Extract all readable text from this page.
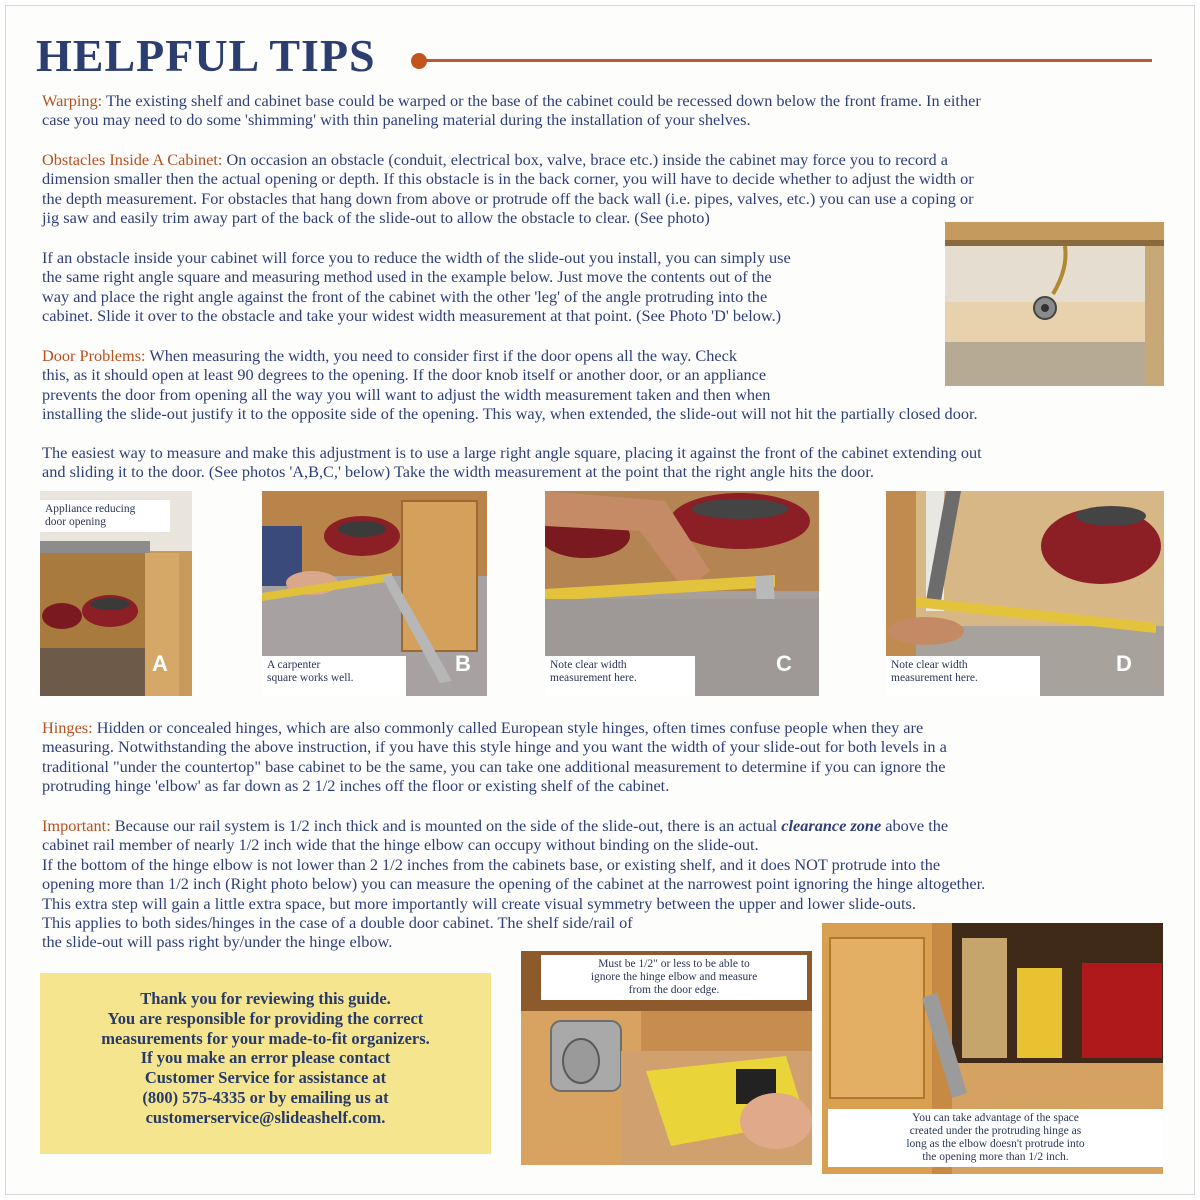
HELPFUL TIPS

Warping: The existing shelf and cabinet base could be warped or the base of the cabinet could be recessed down below the front frame. In either
case you may need to do some 'shimming' with thin paneling material during the installation of your shelves.

Obstacles Inside A Cabinet: On occasion an obstacle (conduit, electrical box, valve, brace etc.) inside the cabinet may force you to record a
dimension smaller then the actual opening or depth. If this obstacle is in the back corner, you will have to decide whether to adjust the width or
the depth measurement. For obstacles that hang down from above or protrude off the back wall (i.e. pipes, valves, etc.) you can use a coping or
jig saw and easily trim away part of the back of the slide-out to allow the obstacle to clear. (See photo)

If an obstacle inside your cabinet will force you to reduce the width of the slide-out you install, you can simply use
the same right angle square and measuring method used in the example below. Just move the contents out of the
way and place the right angle against the front of the cabinet with the other 'leg' of the angle protruding into the
cabinet. Slide it over to the obstacle and take your widest width measurement at that point. (See Photo 'D' below.)

Door Problems: When measuring the width, you need to consider first if the door opens all the way. Check
this, as it should open at least 90 degrees to the opening. If the door knob itself or another door, or an appliance
prevents the door from opening all the way you will want to adjust the width measurement taken and then when
installing the slide-out justify it to the opposite side of the opening. This way, when extended, the slide-out will not hit the partially closed door.

The easiest way to measure and make this adjustment is to use a large right angle square, placing it against the front of the cabinet extending out
and sliding it to the door. (See photos 'A,B,C,' below) Take the width measurement at the point that the right angle hits the door.

A
Appliance reducing
door opening
B
A carpenter
square works well.
C
Note clear width
measurement here.
D
Note clear width
measurement here.

Hinges: Hidden or concealed hinges, which are also commonly called European style hinges, often times confuse people when they are
measuring. Notwithstanding the above instruction, if you have this style hinge and you want the width of your slide-out for both levels in a
traditional "under the countertop" base cabinet to be the same, you can take one additional measurement to determine if you can ignore the
protruding hinge 'elbow' as far down as 2 1/2 inches off the floor or existing shelf of the cabinet.

Important: Because our rail system is 1/2 inch thick and is mounted on the side of the slide-out, there is an actual clearance zone above the
cabinet rail member of nearly 1/2 inch wide that the hinge elbow can occupy without binding on the slide-out.
If the bottom of the hinge elbow is not lower than 2 1/2 inches from the cabinets base, or existing shelf, and it does NOT protrude into the
opening more than 1/2 inch (Right photo below) you can measure the opening of the cabinet at the narrowest point ignoring the hinge altogether.
This extra step will gain a little extra space, but more importantly will create visual symmetry between the upper and lower slide-outs.
This applies to both sides/hinges in the case of a double door cabinet. The shelf side/rail of
the slide-out will pass right by/under the hinge elbow.

Thank you for reviewing this guide.
You are responsible for providing the correct
measurements for your made-to-fit organizers.
If you make an error please contact
Customer Service for assistance at
(800) 575-4335 or by emailing us at
customerservice@slideashelf.com.

Must be 1/2" or less to be able to
ignore the hinge elbow and measure
from the door edge.
You can take advantage of the space
created under the protruding hinge as
long as the elbow doesn't protrude into
the opening more than 1/2 inch.
